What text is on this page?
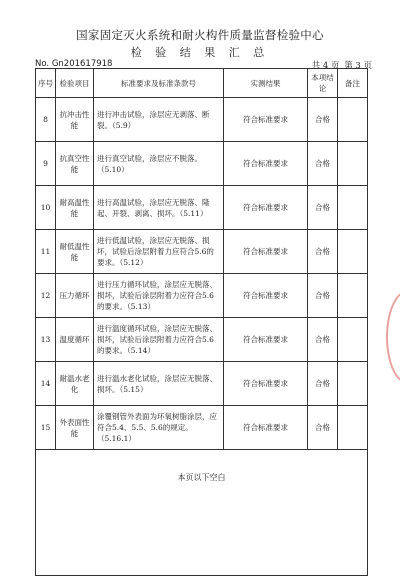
国家固定灭火系统和耐火构件质量监督检验中心
检 验 结 果 汇 总
No. Gn201617918	共 4 页 第 3 页
序号	检验项目	标准要求及标准条款号	实测结果	本项结论	备注
8	抗冲击性能	进行冲击试验，涂层应无剥落、断裂。（5.9）	符合标准要求	合格	
9	抗真空性能	进行真空试验，涂层应不脱落。（5.10）	符合标准要求	合格	
10	耐高温性能	进行高温试验，涂层应无脱落、隆起、开裂、剥离、损坏。（5.11）	符合标准要求	合格	
11	耐低温性能	进行低温试验，涂层应无脱落、损坏，试验后涂层附着力应符合5.6的要求。（5.12）	符合标准要求	合格	
12	压力循环	进行压力循环试验，涂层应无脱落、损坏，试验后涂层附着力应符合5.6的要求。（5.13）	符合标准要求	合格	
13	温度循环	进行温度循环试验，涂层应无脱落、损坏，试验后涂层附着力应符合5.6的要求。（5.14）	符合标准要求	合格	
14	耐温水老化	进行温水老化试验，涂层应无脱落、损坏。（5.15）	符合标准要求	合格	
15	外表面性能	涂覆钢管外表面为环氧树脂涂层，应符合5.4、5.5、5.6的规定。（5.16.1）	符合标准要求	合格	

本页以下空白					
